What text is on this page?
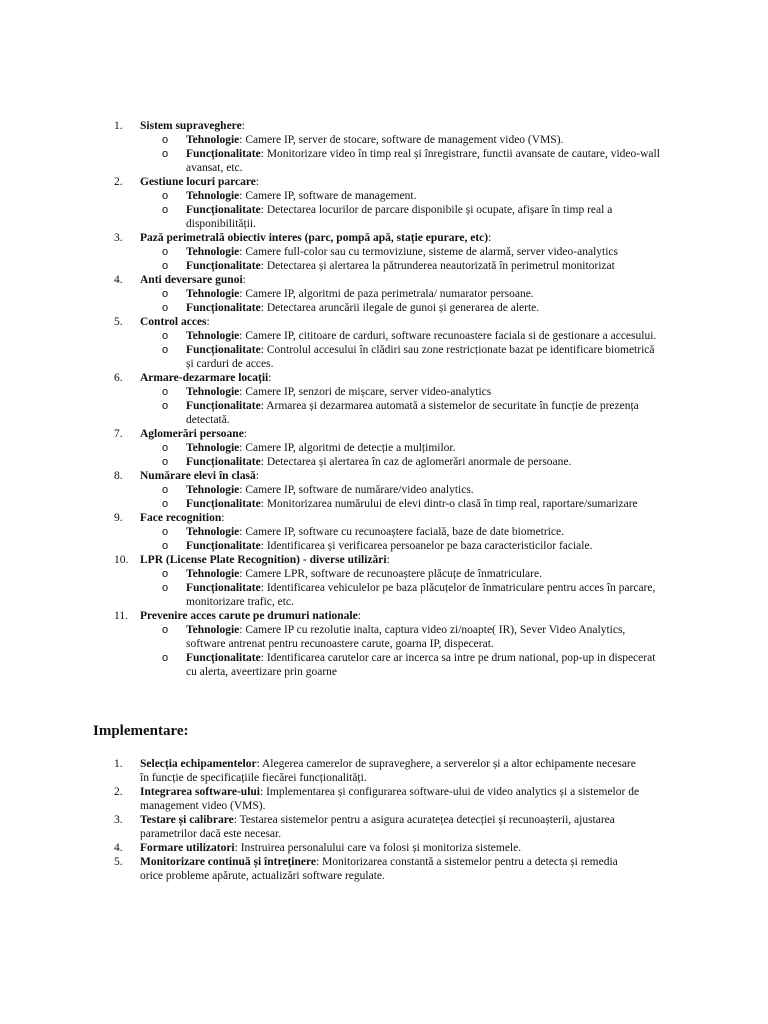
1.	Sistem supraveghere:
o Tehnologie: Camere IP, server de stocare, software de management video (VMS).
o Funcționalitate: Monitorizare video în timp real și înregistrare, functii avansate de cautare, video-wall avansat, etc.
2.	Gestiune locuri parcare:
o Tehnologie: Camere IP, software de management.
o Funcționalitate: Detectarea locurilor de parcare disponibile și ocupate, afișare în timp real a disponibilității.
3.	Pază perimetrală obiectiv interes (parc, pompă apă, stație epurare, etc):
o Tehnologie: Camere full-color sau cu termoviziune, sisteme de alarmă, server video-analytics
o Funcționalitate: Detectarea și alertarea la pătrunderea neautorizată în perimetrul monitorizat
4.	Anti deversare gunoi:
o Tehnologie: Camere IP, algoritmi de paza perimetrala/ numarator persoane.
o Funcționalitate: Detectarea aruncării ilegale de gunoi și generarea de alerte.
5.	Control acces:
o Tehnologie: Camere IP, cititoare de carduri, software recunoastere faciala si de gestionare a accesului.
o Funcționalitate: Controlul accesului în clădiri sau zone restricționate bazat pe identificare biometrică și carduri de acces.
6.	Armare-dezarmare locații:
o Tehnologie: Camere IP, senzori de mișcare, server video-analytics
o Funcționalitate: Armarea și dezarmarea automată a sistemelor de securitate în funcție de prezența detectată.
7.	Aglomerări persoane:
o Tehnologie: Camere IP, algoritmi de detecție a mulțimilor.
o Funcționalitate: Detectarea și alertarea în caz de aglomerări anormale de persoane.
8.	Numărare elevi în clasă:
o Tehnologie: Camere IP, software de numărare/video analytics.
o Funcționalitate: Monitorizarea numărului de elevi dintr-o clasă în timp real, raportare/sumarizare
9.	Face recognition:
o Tehnologie: Camere IP, software cu recunoaștere facială, baze de date biometrice.
o Funcționalitate: Identificarea și verificarea persoanelor pe baza caracteristicilor faciale.
10.	LPR (License Plate Recognition) - diverse utilizări:
o Tehnologie: Camere LPR, software de recunoaștere plăcuțe de înmatriculare.
o Funcționalitate: Identificarea vehiculelor pe baza plăcuțelor de înmatriculare pentru acces în parcare, monitorizare trafic, etc.
11.	Prevenire acces carute pe drumuri nationale:
o Tehnologie: Camere IP cu rezolutie inalta, captura video zi/noapte( IR), Sever Video Analytics, software antrenat pentru recunoastere carute, goarna IP, dispecerat.
o Funcționalitate: Identificarea carutelor care ar incerca sa intre pe drum national, pop-up in dispecerat cu alerta, aveertizare prin goarne
Implementare:
1.	Selecția echipamentelor: Alegerea camerelor de supraveghere, a serverelor și a altor echipamente necesare în funcție de specificațiile fiecărei funcționalități.
2.	Integrarea software-ului: Implementarea și configurarea software-ului de video analytics și a sistemelor de management video (VMS).
3.	Testare și calibrare: Testarea sistemelor pentru a asigura acuratețea detecției și recunoașterii, ajustarea parametrilor dacă este necesar.
4.	Formare utilizatori: Instruirea personalului care va folosi și monitoriza sistemele.
5.	Monitorizare continuă și întreținere: Monitorizarea constantă a sistemelor pentru a detecta și remedia orice probleme apărute, actualizări software regulate.
